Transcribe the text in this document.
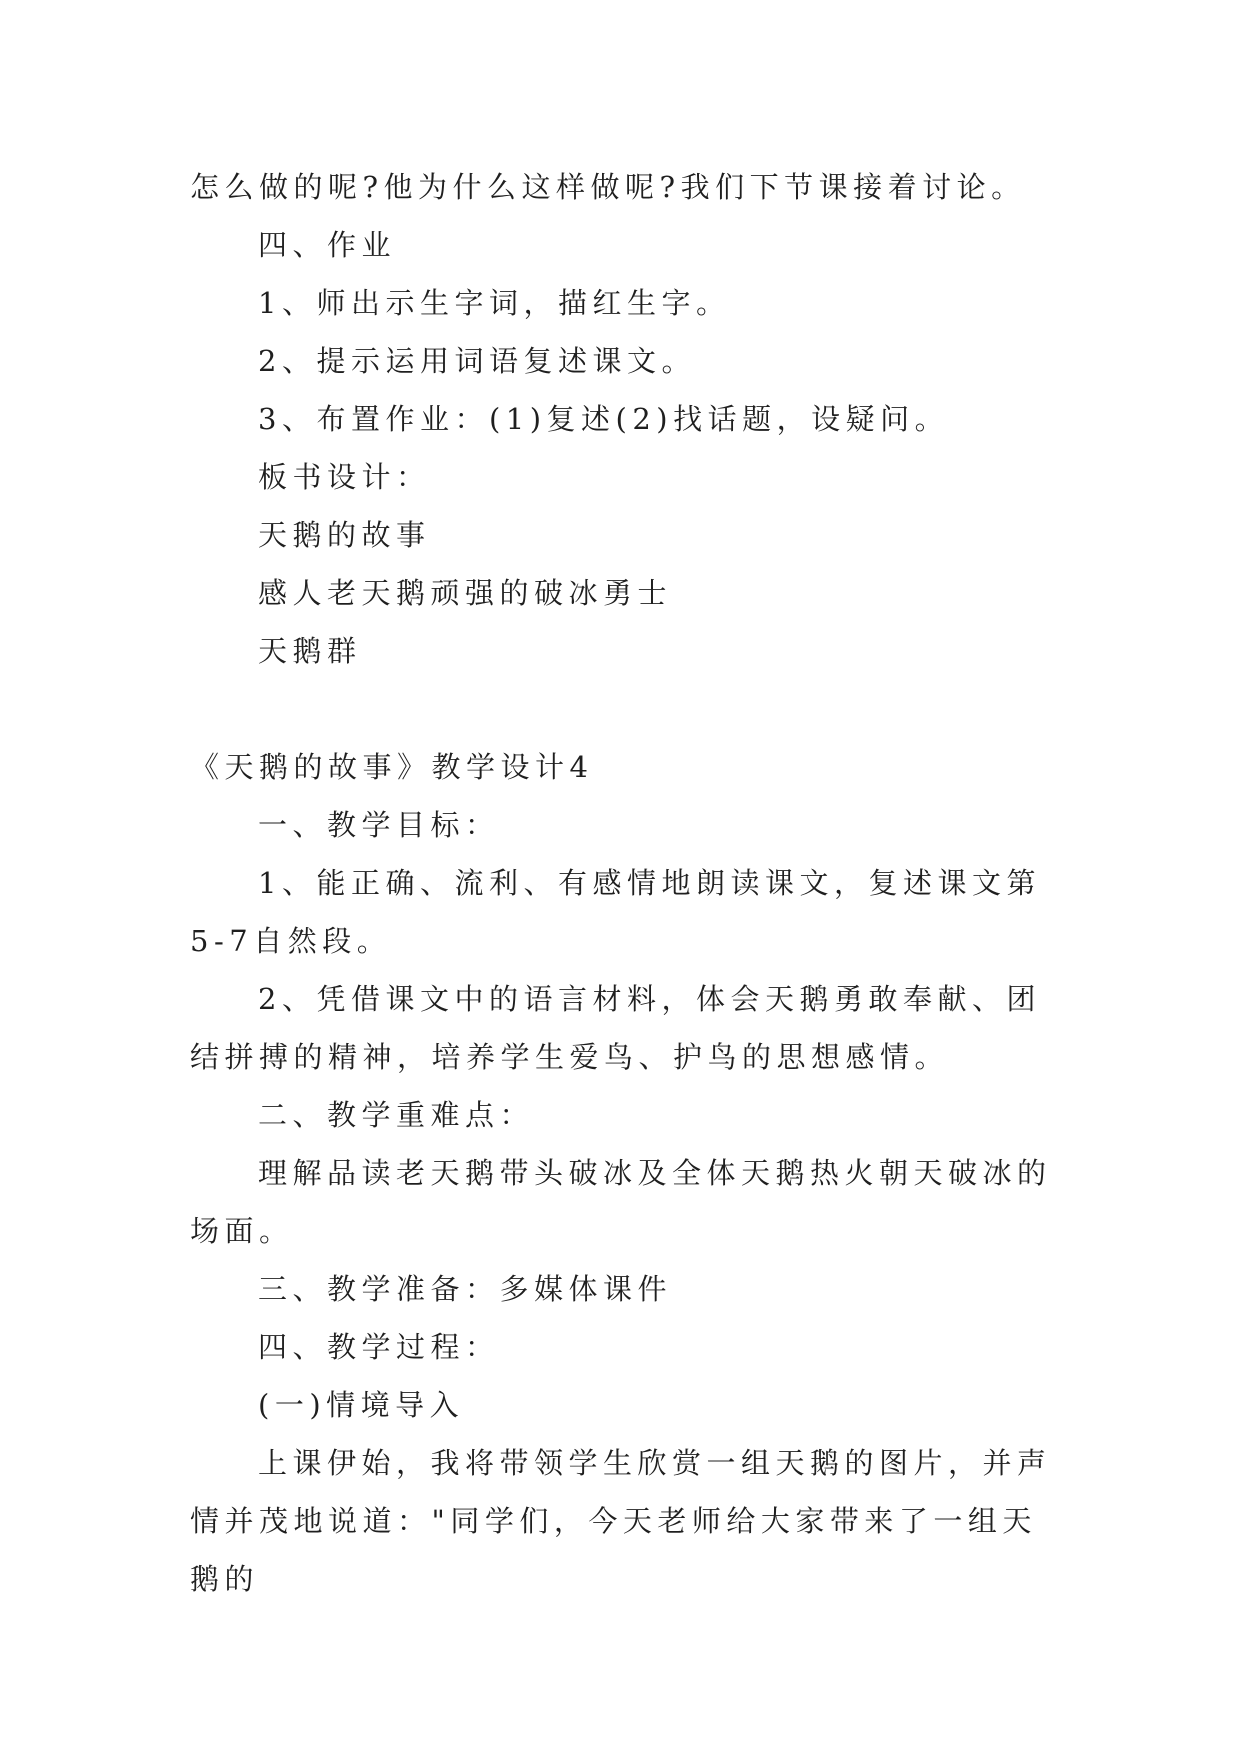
怎么做的呢?他为什么这样做呢?我们下节课接着讨论。

四、作业

1、师出示生字词，描红生字。

2、提示运用词语复述课文。

3、布置作业：(1)复述(2)找话题，设疑问。

板书设计：

天鹅的故事

感人老天鹅顽强的破冰勇士

天鹅群

《天鹅的故事》教学设计4

一、教学目标：

1、能正确、流利、有感情地朗读课文，复述课文第5-7自然段。

2、凭借课文中的语言材料，体会天鹅勇敢奉献、团结拼搏的精神，培养学生爱鸟、护鸟的思想感情。

二、教学重难点：

理解品读老天鹅带头破冰及全体天鹅热火朝天破冰的场面。

三、教学准备：多媒体课件

四、教学过程：

(一)情境导入

上课伊始，我将带领学生欣赏一组天鹅的图片，并声情并茂地说道："同学们，今天老师给大家带来了一组天鹅的
